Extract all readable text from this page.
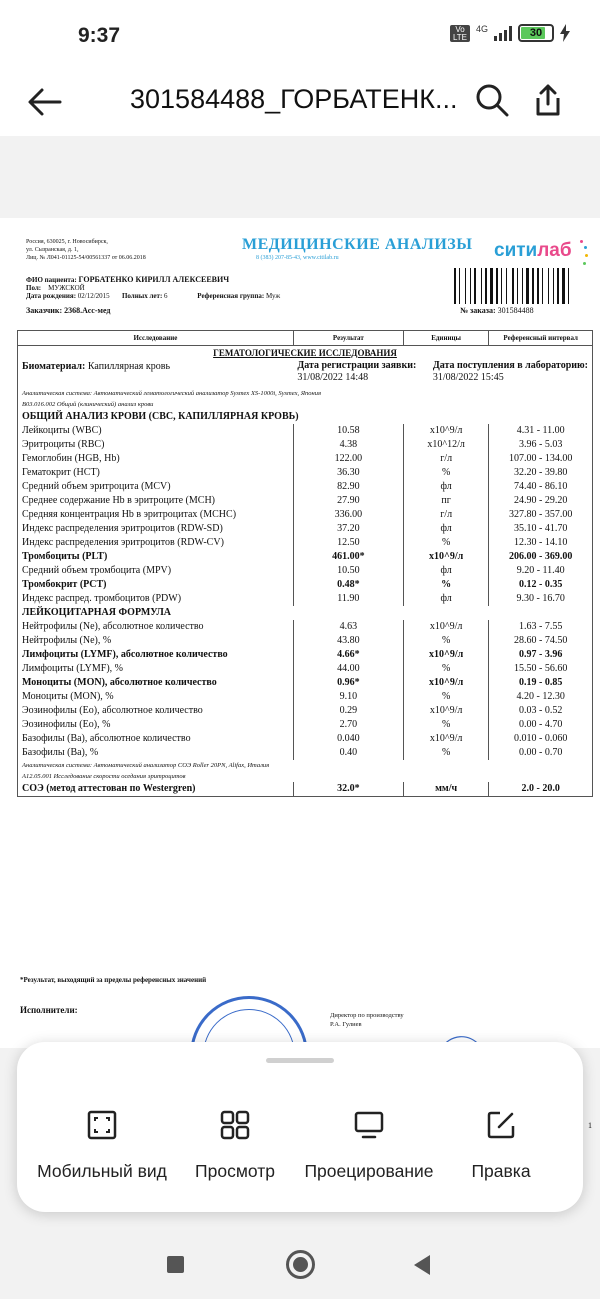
9:37	Vo
LTE
4G	30
301584488_ГОРБАТЕНК...
Россия, 630025, г. Новосибирск,
ул. Сызранская, д. 1,
Лиц. № Л041-01125-54/00561337 от 06.06.2018
МЕДИЦИНСКИЕ АНАЛИЗЫ
8 (383) 207-85-43, www.citilab.ru	ситилаб
ФИО пациента: ГОРБАТЕНКО КИРИЛЛ АЛЕКСЕЕВИЧ
Пол: МУЖСКОЙ
Дата рождения: 02/12/2015 Полных лет: 6	Референсная группа: Муж
Заказчик: 2368.Асс-мед	№ заказа: 301584488
Исследование	Результат	Единицы	Референсный интервал
ГЕМАТОЛОГИЧЕСКИЕ ИССЛЕДОВАНИЯ			
Биоматериал: Капиллярная кровь	Дата регистрации заявки:
31/08/2022 14:48		Дата поступления в лабораторию:
31/08/2022 15:45
Аналитическая система: Автоматический гематологический анализатор Sysmex XS-1000i, Sysmex, Япония			
В03.016.002 Общий (клинический) анализ крови			
ОБЩИЙ АНАЛИЗ КРОВИ (CBC, КАПИЛЛЯРНАЯ КРОВЬ)			
Лейкоциты (WBC)	10.58	x10^9/л	4.31 - 11.00
Эритроциты (RBC)	4.38	x10^12/л	3.96 - 5.03
Гемоглобин (HGB, Hb)	122.00	г/л	107.00 - 134.00
Гематокрит (HCT)	36.30	%	32.20 - 39.80
Средний объем эритроцита (MCV)	82.90	фл	74.40 - 86.10
Среднее содержание Hb в эритроците (MCH)	27.90	пг	24.90 - 29.20
Средняя концентрация Hb в эритроцитах (MCHC)	336.00	г/л	327.80 - 357.00
Индекс распределения эритроцитов (RDW-SD)	37.20	фл	35.10 - 41.70
Индекс распределения эритроцитов (RDW-CV)	12.50	%	12.30 - 14.10
Тромбоциты (PLT)	461.00*	x10^9/л	206.00 - 369.00
Средний объем тромбоцита (MPV)	10.50	фл	9.20 - 11.40
Тромбокрит (PCT)	0.48*	%	0.12 - 0.35
Индекс распред. тромбоцитов (PDW)	11.90	фл	9.30 - 16.70
ЛЕЙКОЦИТАРНАЯ ФОРМУЛА			
Нейтрофилы (Ne), абсолютное количество	4.63	x10^9/л	1.63 - 7.55
Нейтрофилы (Ne), %	43.80	%	28.60 - 74.50
Лимфоциты (LYMF), абсолютное количество	4.66*	x10^9/л	0.97 - 3.96
Лимфоциты (LYMF), %	44.00	%	15.50 - 56.60
Моноциты (MON), абсолютное количество	0.96*	x10^9/л	0.19 - 0.85
Моноциты (MON), %	9.10	%	4.20 - 12.30
Эозинофилы (Eo), абсолютное количество	0.29	x10^9/л	0.03 - 0.52
Эозинофилы (Eo), %	2.70	%	0.00 - 4.70
Базофилы (Ba), абсолютное количество	0.040	x10^9/л	0.010 - 0.060
Базофилы (Ba), %	0.40	%	0.00 - 0.70
Аналитическая система: Автоматический анализатор СОЭ Roller 20PN, Alifax, Италия			
А12.05.001 Исследование скорости оседания эритроцитов			
СОЭ (метод аттестован по Westergren)	32.0*	мм/ч	2.0 - 20.0
*Результат, выходящий за пределы референсных значений
Исполнители:
Директор по производству
Р.А. Гулиев
1
Мобильный вид	Просмотр	Проецирование	Правка
